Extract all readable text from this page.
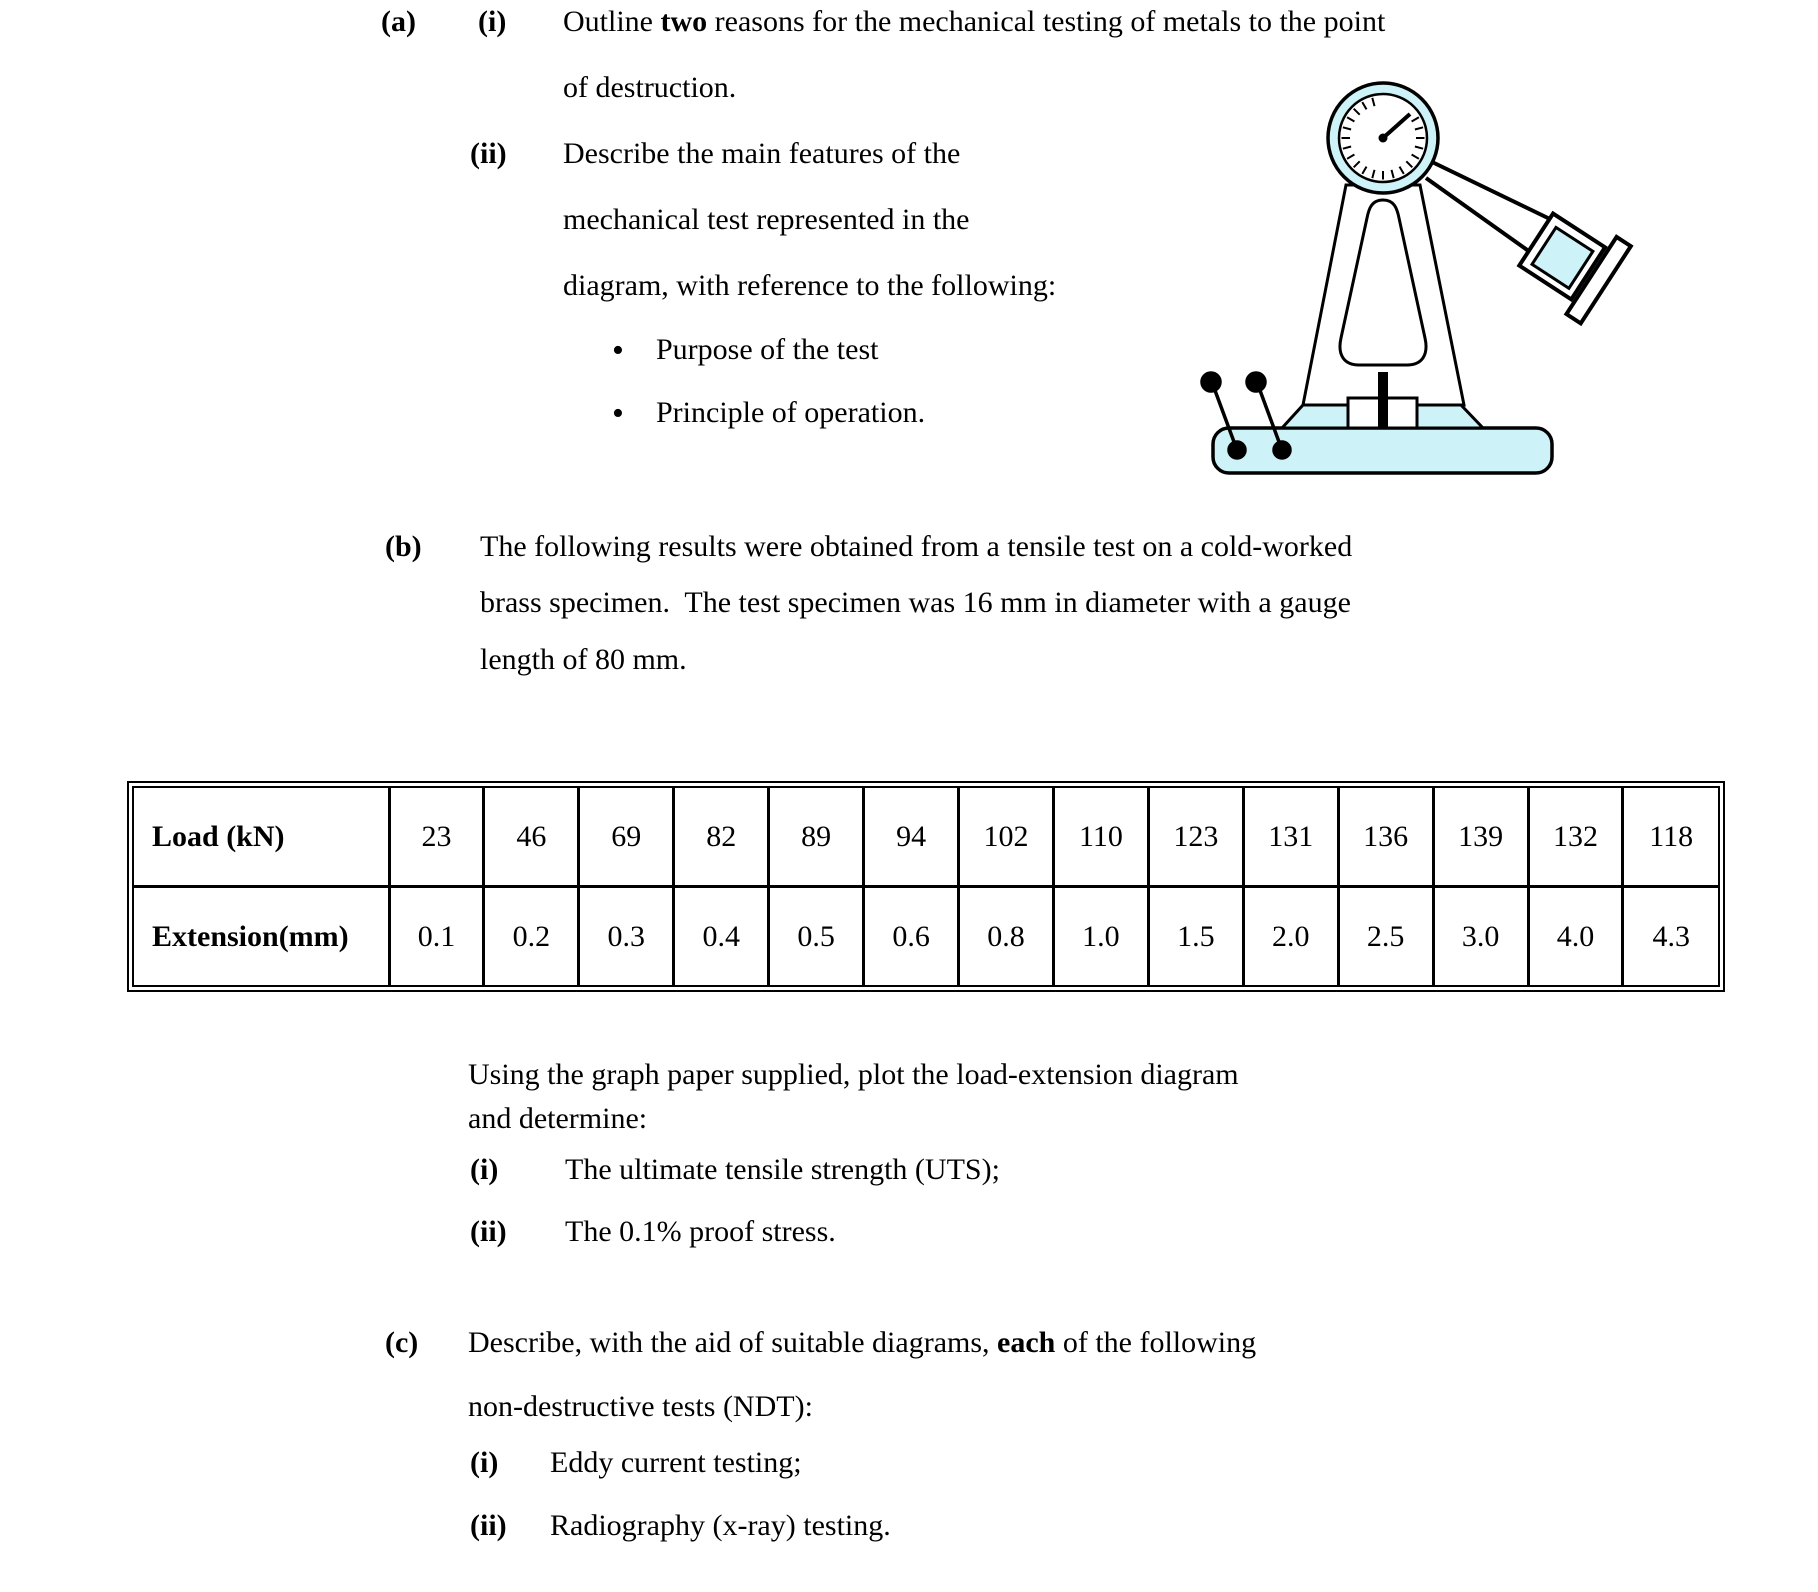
(a) (i) Outline two reasons for the mechanical testing of metals to the point
of destruction.
(ii) Describe the main features of the
mechanical test represented in the
diagram, with reference to the following:
• Purpose of the test
• Principle of operation.
(b) The following results were obtained from a tensile test on a cold-worked
brass specimen.  The test specimen was 16 mm in diameter with a gauge
length of 80 mm.
Load (kN)	23	46	69	82	89	94	102	110	123	131	136	139	132	118
Extension(mm)	0.1	0.2	0.3	0.4	0.5	0.6	0.8	1.0	1.5	2.0	2.5	3.0	4.0	4.3
Using the graph paper supplied, plot the load-extension diagram
and determine:
(i) The ultimate tensile strength (UTS);
(ii) The 0.1% proof stress.
(c) Describe, with the aid of suitable diagrams, each of the following
non-destructive tests (NDT):
(i) Eddy current testing;
(ii) Radiography (x-ray) testing.
